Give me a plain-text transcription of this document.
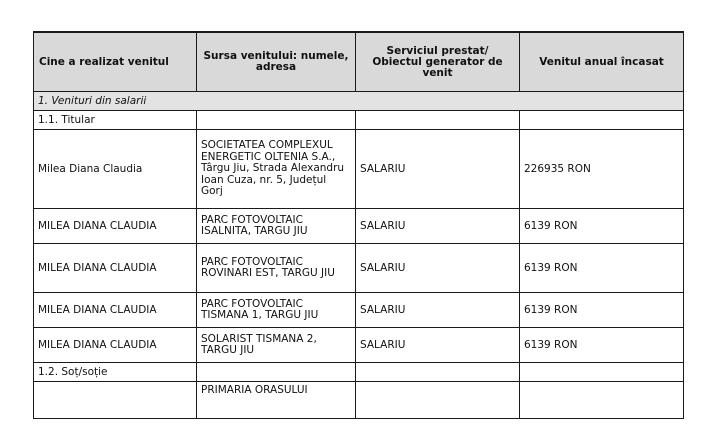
Cine a realizat venitul	Sursa venitului: numele, adresa	Serviciul prestat/ Obiectul generator de venit	Venitul anual încasat
1. Venituri din salarii			
1.1. Titular			
Milea Diana Claudia	SOCIETATEA COMPLEXUL ENERGETIC OLTENIA S.A., Târgu Jiu, Strada Alexandru Ioan Cuza, nr. 5, Județul Gorj	SALARIU	226935 RON
MILEA DIANA CLAUDIA	PARC FOTOVOLTAIC ISALNITA, TARGU JIU	SALARIU	6139 RON
MILEA DIANA CLAUDIA	PARC FOTOVOLTAIC ROVINARI EST, TARGU JIU	SALARIU	6139 RON
MILEA DIANA CLAUDIA	PARC FOTOVOLTAIC TISMANA 1, TARGU JIU	SALARIU	6139 RON
MILEA DIANA CLAUDIA	SOLARIST TISMANA 2, TARGU JIU	SALARIU	6139 RON
1.2. Soț/soție			
	PRIMARIA ORASULUI		
